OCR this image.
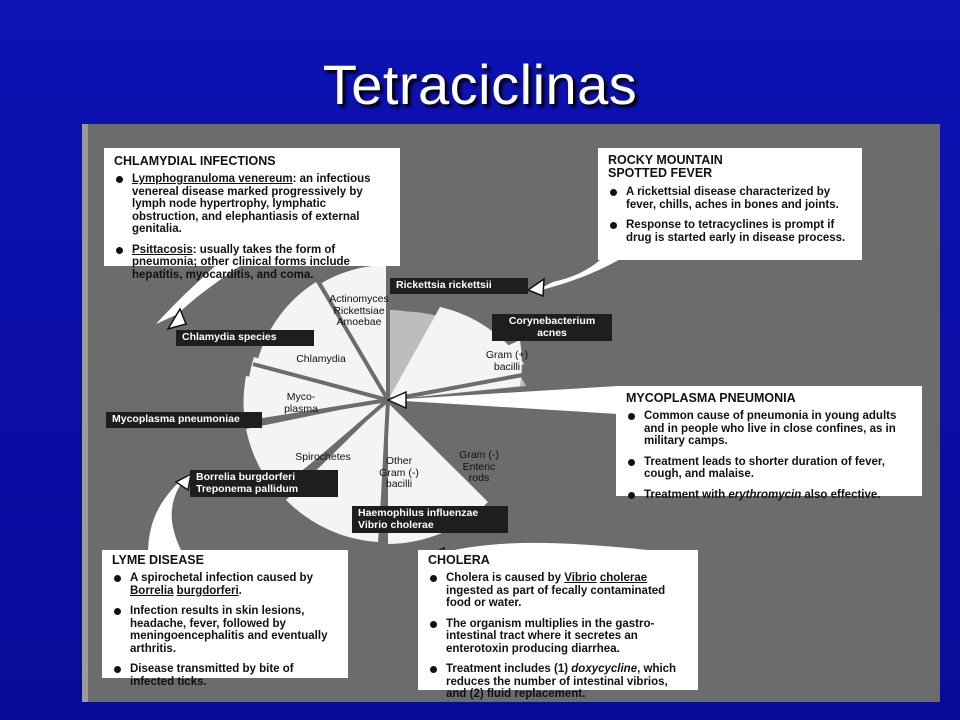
Tetraciclinas
Actinomyces
Rickettsiae
Amoebae
Chlamydia
Myco-
plasma
Spirochetes	Other
Gram (-)
bacilli
Gram (-)
Enteric
rods
Gram (+)
bacilli
Rickettsia rickettsii
Corynebacterium
acnes
Chlamydia species
Mycoplasma pneumoniae
Borrelia burgdorferi
Treponema pallidum
Haemophilus influenzae
Vibrio cholerae
CHLAMYDIAL INFECTIONS
Lymphogranuloma venereum: an infectious venereal disease marked progressively by lymph node hypertrophy, lymphatic obstruction, and elephantiasis of external genitalia.
Psittacosis: usually takes the form of pneumonia; other clinical forms include hepatitis, myocarditis, and coma.
ROCKY MOUNTAIN
SPOTTED FEVER
A rickettsial disease characterized by fever, chills, aches in bones and joints.
Response to tetracyclines is prompt if drug is started early in disease process.
MYCOPLASMA PNEUMONIA
Common cause of pneumonia in young adults and in people who live in close confines, as in military camps.
Treatment leads to shorter duration of fever, cough, and malaise.
Treatment with erythromycin also effective.
LYME DISEASE
A spirochetal infection caused by Borrelia burgdorferi.
Infection results in skin lesions, headache, fever, followed by meningoencephalitis and eventually arthritis.
Disease transmitted by bite of infected ticks.
CHOLERA
Cholera is caused by Vibrio cholerae ingested as part of fecally contaminated food or water.
The organism multiplies in the gastro-intestinal tract where it secretes an enterotoxin producing diarrhea.
Treatment includes (1) doxycycline, which reduces the number of intestinal vibrios, and (2) fluid replacement.
